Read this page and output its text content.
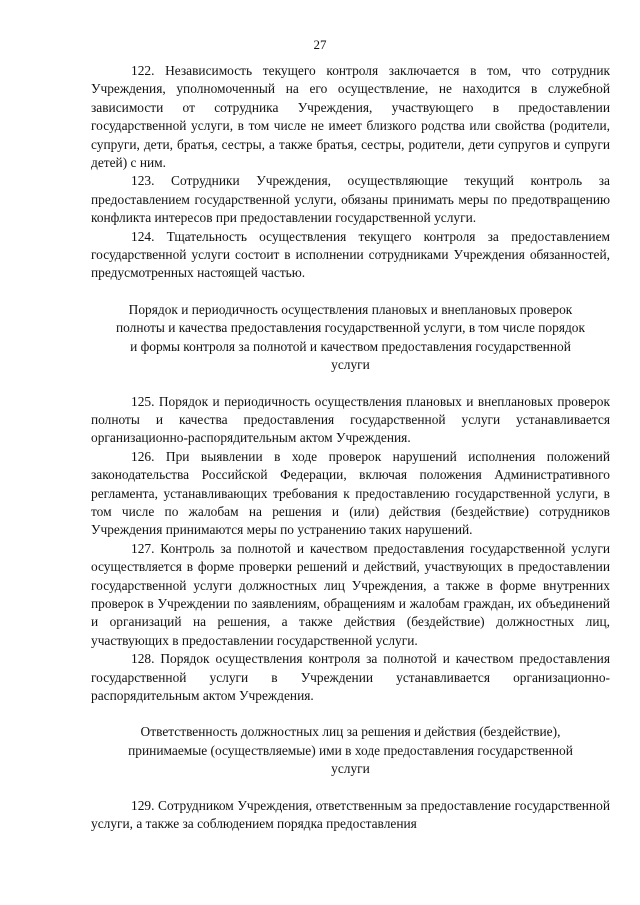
27

122. Независимость текущего контроля заключается в том, что сотрудник Учреждения, уполномоченный на его осуществление, не находится в служебной зависимости от сотрудника Учреждения, участвующего в предоставлении государственной услуги, в том числе не имеет близкого родства или свойства (родители, супруги, дети, братья, сестры, а также братья, сестры, родители, дети супругов и супруги детей) с ним.

123. Сотрудники Учреждения, осуществляющие текущий контроль за предоставлением государственной услуги, обязаны принимать меры по предотвращению конфликта интересов при предоставлении государственной услуги.

124. Тщательность осуществления текущего контроля за предоставлением государственной услуги состоит в исполнении сотрудниками Учреждения обязанностей, предусмотренных настоящей частью.

Порядок и периодичность осуществления плановых и внеплановых проверок полноты и качества предоставления государственной услуги, в том числе порядок и формы контроля за полнотой и качеством предоставления государственной услуги

125. Порядок и периодичность осуществления плановых и внеплановых проверок полноты и качества предоставления государственной услуги устанавливается организационно-распорядительным актом Учреждения.

126. При выявлении в ходе проверок нарушений исполнения положений законодательства Российской Федерации, включая положения Административного регламента, устанавливающих требования к предоставлению государственной услуги, в том числе по жалобам на решения и (или) действия (бездействие) сотрудников Учреждения принимаются меры по устранению таких нарушений.

127. Контроль за полнотой и качеством предоставления государственной услуги осуществляется в форме проверки решений и действий, участвующих в предоставлении государственной услуги должностных лиц Учреждения, а также в форме внутренних проверок в Учреждении по заявлениям, обращениям и жалобам граждан, их объединений и организаций на решения, а также действия (бездействие) должностных лиц, участвующих в предоставлении государственной услуги.

128. Порядок осуществления контроля за полнотой и качеством предоставления государственной услуги в Учреждении устанавливается организационно-распорядительным актом Учреждения.

Ответственность должностных лиц за решения и действия (бездействие), принимаемые (осуществляемые) ими в ходе предоставления государственной услуги

129. Сотрудником Учреждения, ответственным за предоставление государственной услуги, а также за соблюдением порядка предоставления
